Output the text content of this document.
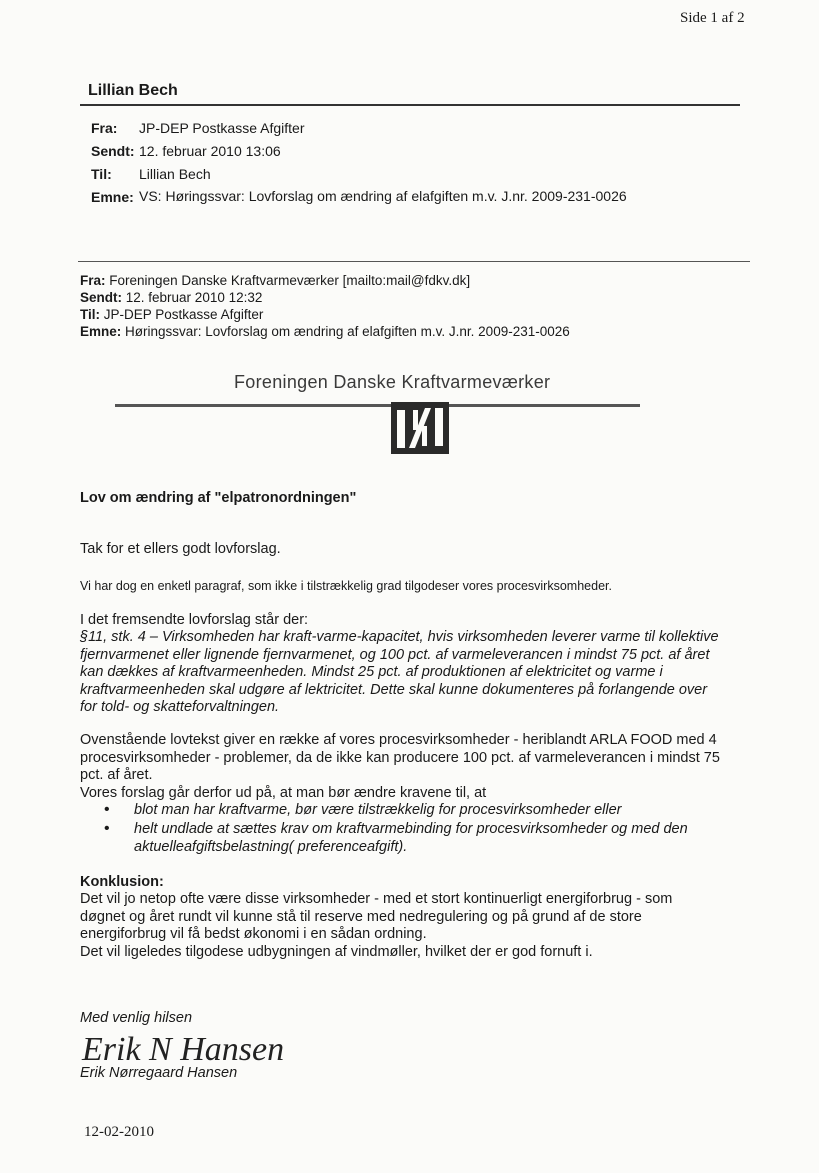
Side 1 af 2
Lillian Bech
Fra: JP-DEP Postkasse Afgifter
Sendt: 12. februar 2010 13:06
Til: Lillian Bech
Emne: VS: Høringssvar: Lovforslag om ændring af elafgiften m.v. J.nr. 2009-231-0026
Fra: Foreningen Danske Kraftvarmeværker [mailto:mail@fdkv.dk]
Sendt: 12. februar 2010 12:32
Til: JP-DEP Postkasse Afgifter
Emne: Høringssvar: Lovforslag om ændring af elafgiften m.v. J.nr. 2009-231-0026
Foreningen Danske Kraftvarmeværker
Lov om ændring af "elpatronordningen"
Tak for et ellers godt lovforslag.
Vi har dog en enketl paragraf, som ikke i tilstrækkelig grad tilgodeser vores procesvirksomheder.
I det fremsendte lovforslag står der:
§11, stk. 4 – Virksomheden har kraft-varme-kapacitet, hvis virksomheden leverer varme til kollektive
fjernvarmenet eller lignende fjernvarmenet, og 100 pct. af varmeleverancen i mindst 75 pct. af året
kan dækkes af kraftvarmeenheden. Mindst 25 pct. af produktionen af elektricitet og varme i
kraftvarmeenheden skal udgøre af lektricitet. Dette skal kunne dokumenteres på forlangende over
for told- og skatteforvaltningen.
Ovenstående lovtekst giver en række af vores procesvirksomheder - heriblandt ARLA FOOD med 4
procesvirksomheder - problemer, da de ikke kan producere 100 pct. af varmeleverancen i mindst 75
pct. af året.
Vores forslag går derfor ud på, at man bør ændre kravene til, at
• blot man har kraftvarme, bør være tilstrækkelig for procesvirksomheder eller
• helt undlade at sættes krav om kraftvarmebinding for procesvirksomheder og med den
aktuelleafgiftsbelastning( preferenceafgift).
Konklusion:
Det vil jo netop ofte være disse virksomheder - med et stort kontinuerligt energiforbrug - som
døgnet og året rundt vil kunne stå til reserve med nedregulering og på grund af de store
energiforbrug vil få bedst økonomi i en sådan ordning.
Det vil ligeledes tilgodese udbygningen af vindmøller, hvilket der er god fornuft i.
Med venlig hilsen
Erik N Hansen
Erik Nørregaard Hansen
12-02-2010
